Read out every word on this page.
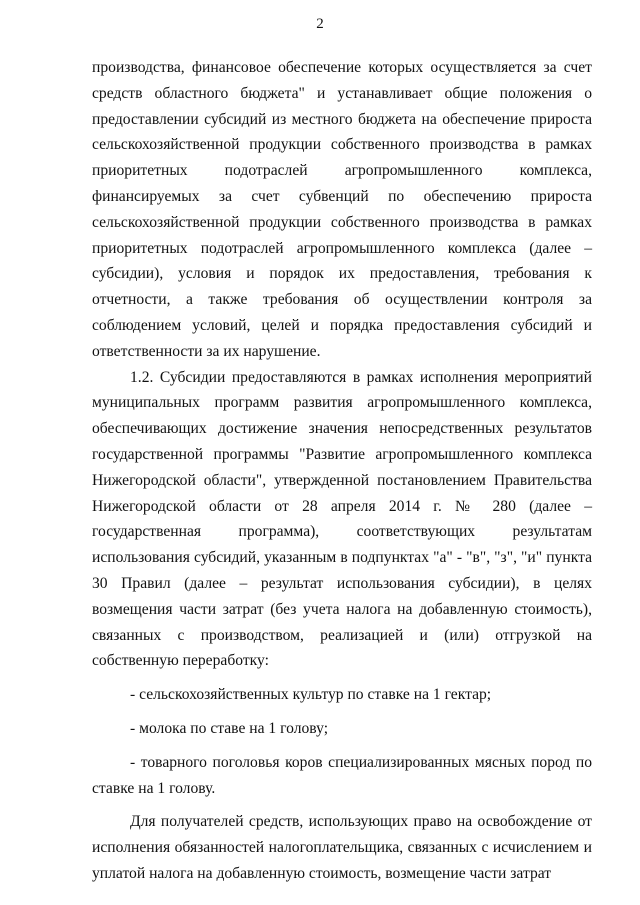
2

производства, финансовое обеспечение которых осуществляется за счет средств областного бюджета" и устанавливает общие положения о предоставлении субсидий из местного бюджета на обеспечение прироста сельскохозяйственной продукции собственного производства в рамках приоритетных подотраслей агропромышленного комплекса, финансируемых за счет субвенций по обеспечению прироста сельскохозяйственной продукции собственного производства в рамках приоритетных подотраслей агропромышленного комплекса (далее – субсидии), условия и порядок их предоставления, требования к отчетности, а также требования об осуществлении контроля за соблюдением условий, целей и порядка предоставления субсидий и ответственности за их нарушение.

1.2. Субсидии предоставляются в рамках исполнения мероприятий муниципальных программ развития агропромышленного комплекса, обеспечивающих достижение значения непосредственных результатов государственной программы "Развитие агропромышленного комплекса Нижегородской области", утвержденной постановлением Правительства Нижегородской области от 28 апреля 2014 г. № 280 (далее – государственная программа), соответствующих результатам использования субсидий, указанным в подпунктах "а" - "в", "з", "и" пункта 30 Правил (далее – результат использования субсидии), в целях возмещения части затрат (без учета налога на добавленную стоимость), связанных с производством, реализацией и (или) отгрузкой на собственную переработку:

- сельскохозяйственных культур по ставке на 1 гектар;

- молока по ставе на 1 голову;

- товарного поголовья коров специализированных мясных пород по ставке на 1 голову.

Для получателей средств, использующих право на освобождение от исполнения обязанностей налогоплательщика, связанных с исчислением и уплатой налога на добавленную стоимость, возмещение части затрат
